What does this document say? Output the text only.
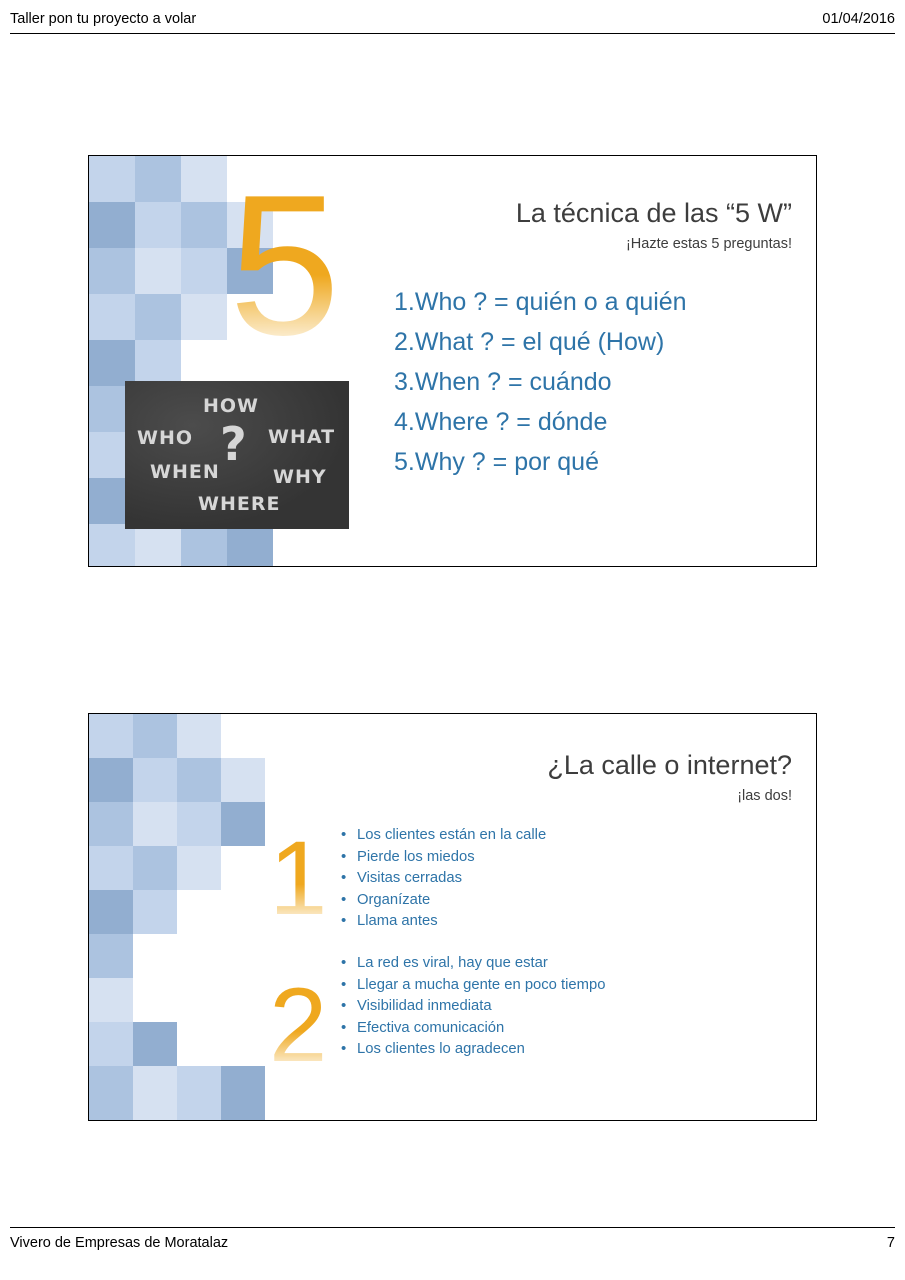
Taller pon tu proyecto a volar	01/04/2016
5
HOW
WHO	WHAT
WHEN	WHY
WHERE
?
La técnica de las “5 W”
¡Hazte estas 5 preguntas!
1.Who ? = quién o a quién
2.What ? = el qué (How)
3.When ? = cuándo
4.Where ? = dónde
5.Why ? = por qué
1
2
¿La calle o internet?
¡las dos!
• Los clientes están en la calle
• Pierde los miedos
• Visitas cerradas
• Organízate
• Llama antes
• La red es viral, hay que estar
• Llegar a mucha gente en poco tiempo
• Visibilidad inmediata
• Efectiva comunicación
• Los clientes lo agradecen
Vivero de Empresas de Moratalaz	7
